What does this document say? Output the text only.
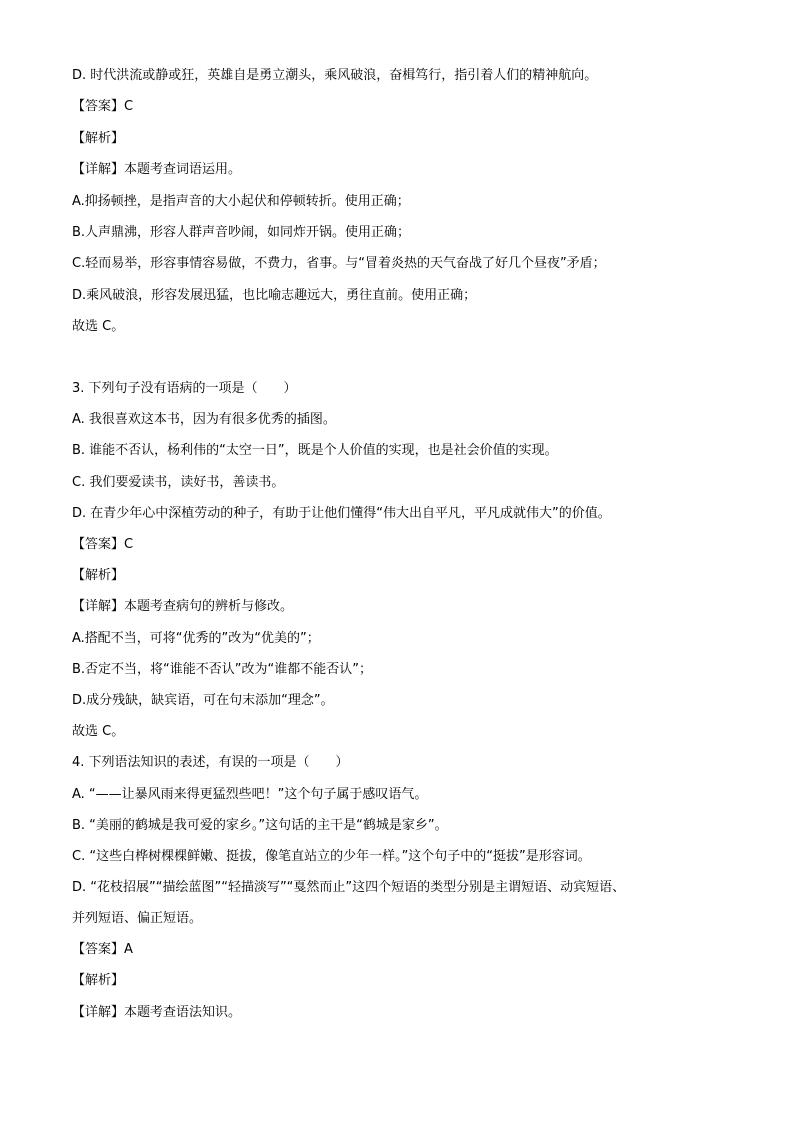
D. 时代洪流或静或狂，英雄自是勇立潮头，乘风破浪，奋楫笃行，指引着人们的精神航向。
【答案】C
【解析】
【详解】本题考查词语运用。
A.抑扬顿挫，是指声音的大小起伏和停顿转折。使用正确；
B.人声鼎沸，形容人群声音吵闹，如同炸开锅。使用正确；
C.轻而易举，形容事情容易做，不费力，省事。与“冒着炎热的天气奋战了好几个昼夜”矛盾；
D.乘风破浪，形容发展迅猛，也比喻志趣远大，勇往直前。使用正确；
故选 C。
3. 下列句子没有语病的一项是（　　）
A. 我很喜欢这本书，因为有很多优秀的插图。
B. 谁能不否认，杨利伟的“太空一日”，既是个人价值的实现，也是社会价值的实现。
C. 我们要爱读书，读好书，善读书。
D. 在青少年心中深植劳动的种子，有助于让他们懂得“伟大出自平凡，平凡成就伟大”的价值。
【答案】C
【解析】
【详解】本题考查病句的辨析与修改。
A.搭配不当，可将“优秀的”改为“优美的”；
B.否定不当，将“谁能不否认”改为“谁都不能否认”；
D.成分残缺，缺宾语，可在句末添加“理念”。
故选 C。
4. 下列语法知识的表述，有误的一项是（　　）
A. “——让暴风雨来得更猛烈些吧！”这个句子属于感叹语气。
B. “美丽的鹤城是我可爱的家乡。”这句话的主干是“鹤城是家乡”。
C. “这些白桦树棵棵鲜嫩、挺拔，像笔直站立的少年一样。”这个句子中的“挺拔”是形容词。
D. “花枝招展”“描绘蓝图”“轻描淡写”“戛然而止”这四个短语的类型分别是主谓短语、动宾短语、
并列短语、偏正短语。
【答案】A
【解析】
【详解】本题考查语法知识。
